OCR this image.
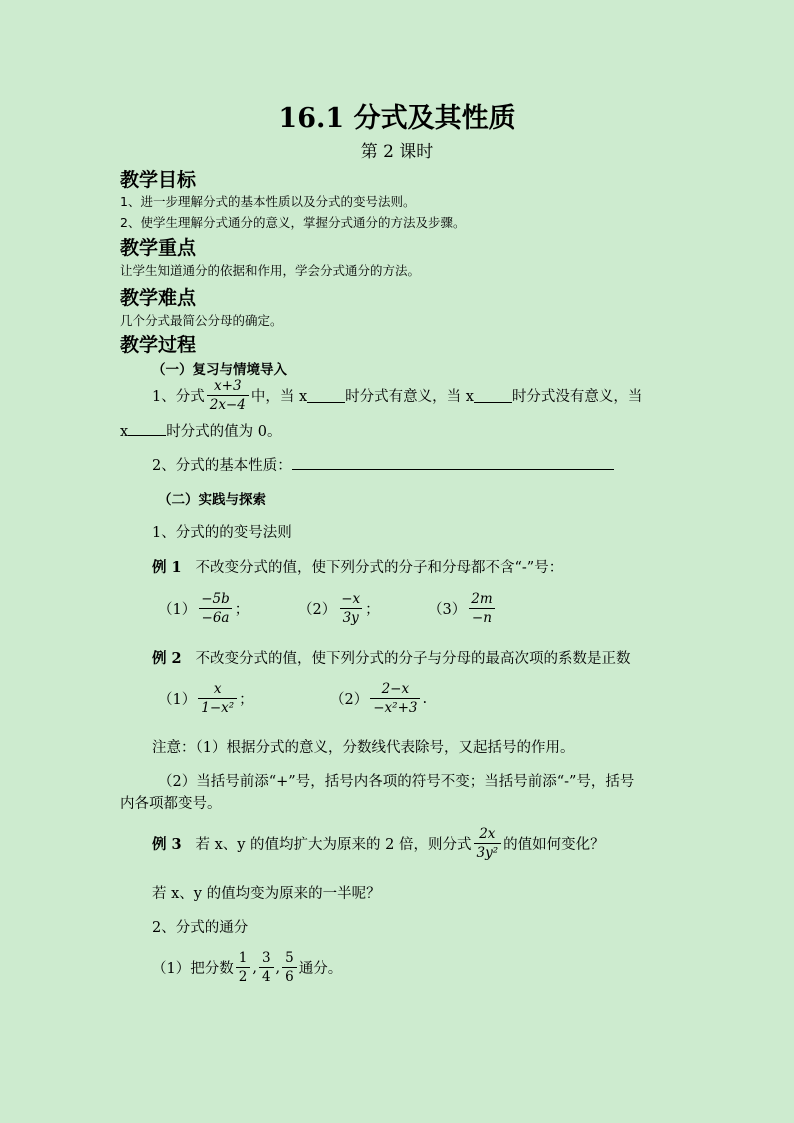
16.1 分式及其性质
第 2 课时
教学目标
1、进一步理解分式的基本性质以及分式的变号法则。
2、使学生理解分式通分的意义，掌握分式通分的方法及步骤。
教学重点
让学生知道通分的依据和作用，学会分式通分的方法。
教学难点
几个分式最简公分母的确定。
教学过程
（一）复习与情境导入
1、分式 $\frac{x+3}{2x-4}$ 中，当 x	时分式有意义，当 x	时分式没有意义，当
x	时分式的值为 0。
2、分式的基本性质：
（二）实践与探索
1、分式的的变号法则
例 1 不改变分式的值，使下列分式的分子和分母都不含“-”号：
$(1) \frac{-5b}{-6a}$ ；	$(2) \frac{-x}{3y}$ ；	$(3) \frac{2m}{-n}$
例 2 不改变分式的值，使下列分式的分子与分母的最高次项的系数是正数
$(1) \frac{x}{\text{1−x²}}$ ；	$(2) \frac{2-x}{\text{−x²+3}}$ .
注意：（1）根据分式的意义，分数线代表除号，又起括号的作用。
（2）当括号前添“+”号，括号内各项的符号不变；当括号前添“-”号，括号
内各项都变号。
例 3
若 x、y 的值均扩大为原来的 2 倍，则分式 $\frac{2x}{\text{3y²}}$ 的值如何变化？
若 x、y 的值均变为原来的一半呢？
2、分式的通分
（1）把分数 $\frac{1}{2}$ , $\frac{3}{4}$ , $\frac{5}{6}$ 通分。
